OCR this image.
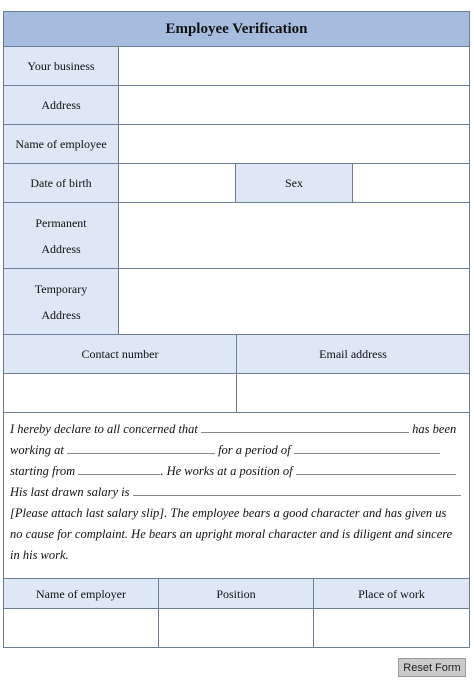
Employee Verification
Your business
Address
Name of employee
Date of birth	Sex
Permanent
Address
Temporary
Address
Contact number	Email address
I hereby declare to all concerned that	has been
working at	for a period of
starting from	. He works at a position of
His last drawn salary is
[Please attach last salary slip]. The employee bears a good character and has given us
no cause for complaint. He bears an upright moral character and is diligent and sincere
in his work.
Name of employer	Position	Place of work
Reset Form
